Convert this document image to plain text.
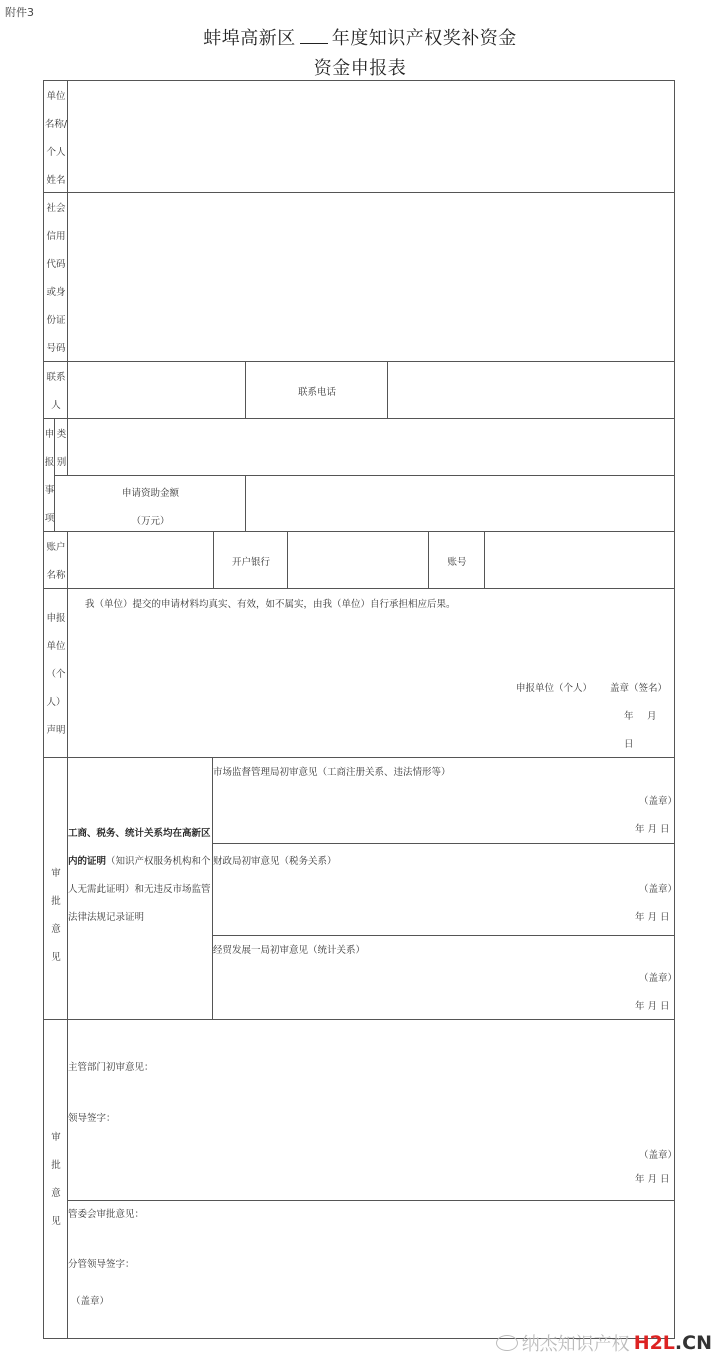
附件3
蚌埠高新区 年度知识产权奖补资金
资金申报表
单位
名称/
个人
姓名
社会
信用
代码
或身
份证
号码
联系
人
联系电话
申
报
事
项
类
别
申请资助金额
（万元）
账户
名称
开户银行	账号
申报
单位
（个
人）
声明
我（单位）提交的申请材料均真实、有效，如不属实，由我（单位）自行承担相应后果。
申报单位（个人） 盖章（签名）
年　月　日
审
批
意
见
工商、税务、统计关系均在高新区内的证明（知识产权服务机构和个人无需此证明）和无违反市场监管法律法规记录证明
市场监督管理局初审意见（工商注册关系、违法情形等）
（盖章）
年 月 日
财政局初审意见（税务关系）
（盖章）
年 月 日
经贸发展一局初审意见（统计关系）
（盖章）
年 月 日
审
批
意
见
主管部门初审意见：
领导签字：
（盖章）
年 月 日
管委会审批意见：
分管领导签字：
（盖章）
纳杰知识产权 H2L.CN
